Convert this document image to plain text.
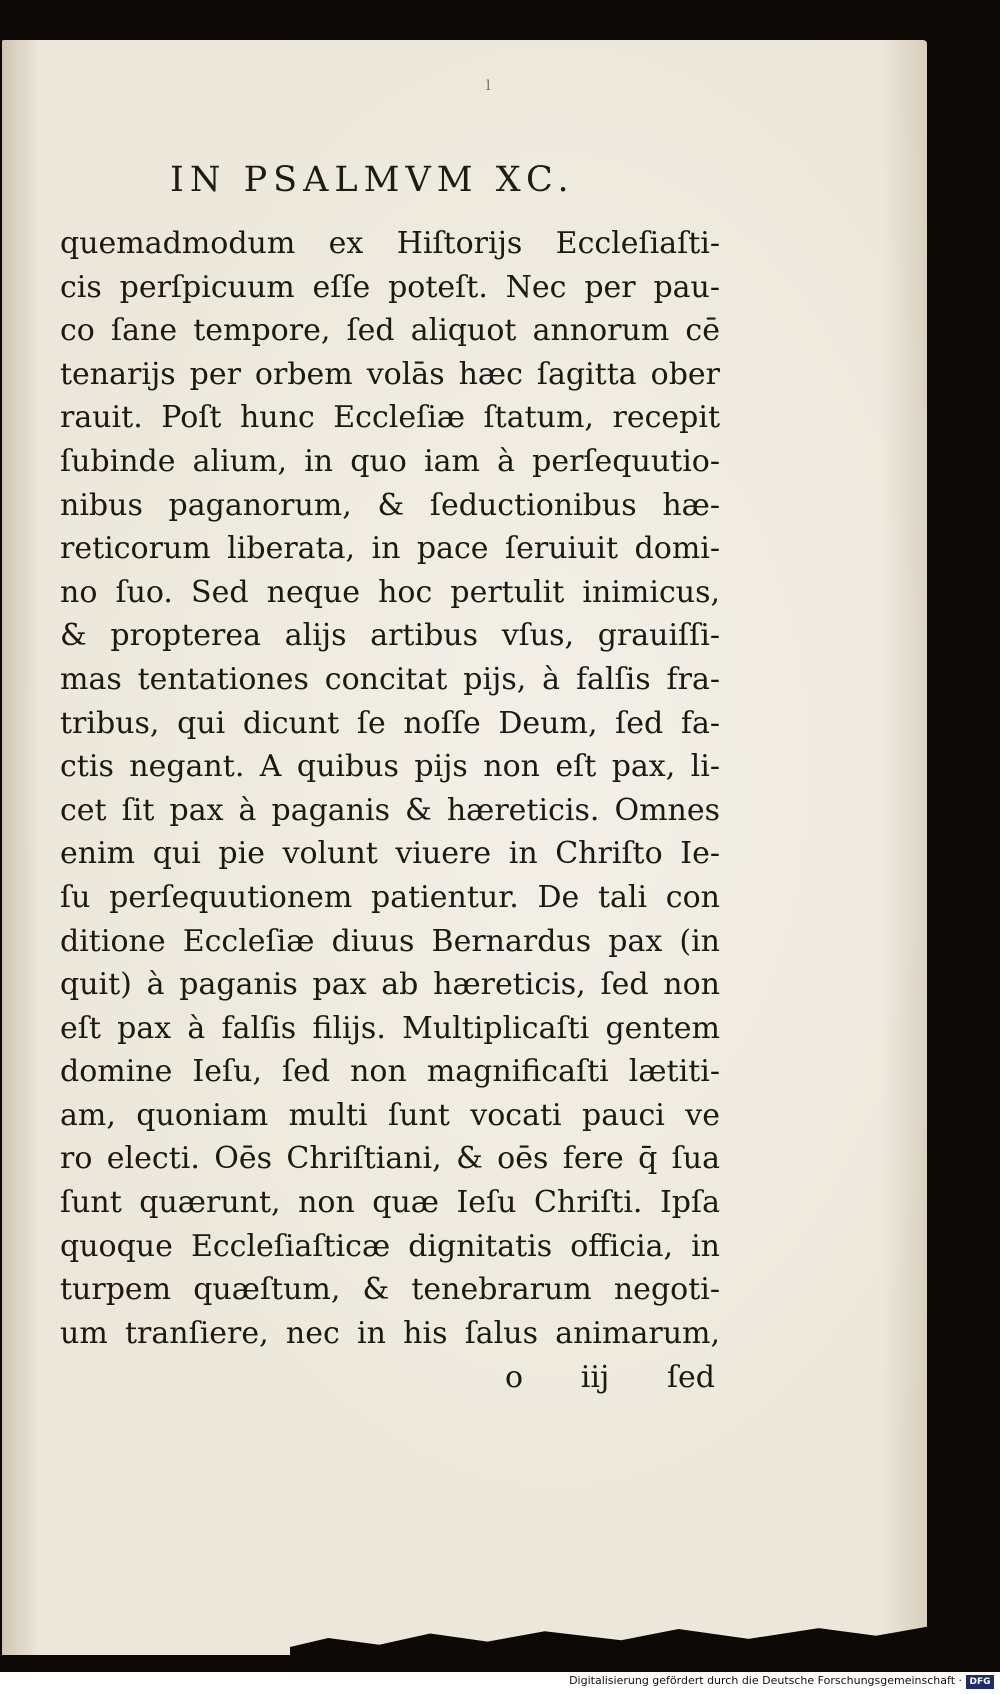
l
IN PSALMVM XC.
quemadmodum ex Hiſtorijs Eccleſiaſti-
cis perſpicuum eſſe poteſt. Nec per pau-
co ſane tempore, ſed aliquot annorum cē
tenarijs per orbem volās hæc ſagitta ober
rauit. Poſt hunc Eccleſiæ ſtatum, recepit
ſubinde alium, in quo iam à perſequutio-
nibus paganorum, & ſeductionibus hæ-
reticorum liberata, in pace ſeruiuit domi-
no ſuo. Sed neque hoc pertulit inimicus,
& propterea alijs artibus vſus, grauiſſi-
mas tentationes concitat pijs, à falſis fra-
tribus, qui dicunt ſe noſſe Deum, ſed fa-
ctis negant. A quibus pijs non eſt pax, li-
cet ſit pax à paganis & hæreticis. Omnes
enim qui pie volunt viuere in Chriſto Ie-
ſu perſequutionem patientur. De tali con
ditione Eccleſiæ diuus Bernardus pax (in
quit) à paganis pax ab hæreticis, ſed non
eſt pax à falſis filijs. Multiplicaſti gentem
domine Ieſu, ſed non magnificaſti lætiti-
am, quoniam multi ſunt vocati pauci ve
ro electi. Oēs Chriſtiani, & oēs fere q̄ ſua
ſunt quærunt, non quæ Ieſu Chriſti. Ipſa
quoque Eccleſiaſticæ dignitatis officia, in
turpem quæſtum, & tenebrarum negoti-
um tranſiere, nec in his ſalus animarum,
o iij ſed
Digitalisierung gefördert durch die Deutsche Forschungsgemeinschaft · DFG
